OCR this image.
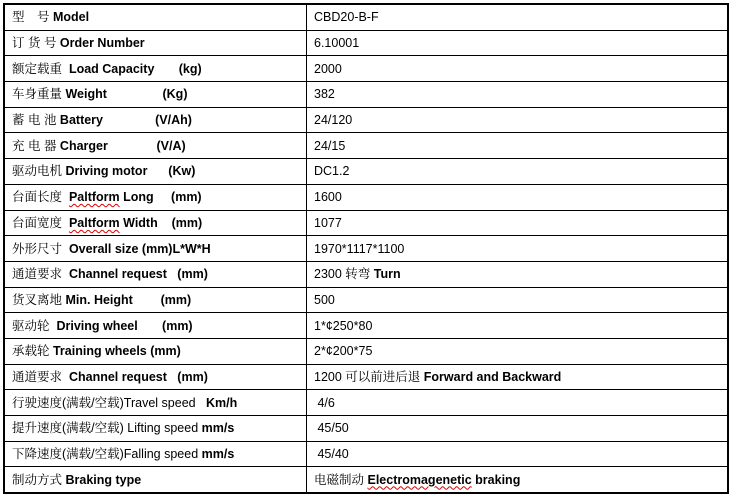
型　号 Model	CBD20-B-F
订 货 号 Order Number	6.10001
额定载重  Load Capacity       (kg)	2000
车身重量 Weight                (Kg)	382
蓄 电 池 Battery               (V/Ah)	24/120
充 电 器 Charger              (V/A)	24/15
驱动电机 Driving motor      (Kw)	DC1.2
台面长度  Paltform Long     (mm)	1600
台面宽度  Paltform Width    (mm)	1077
外形尺寸  Overall size (mm)L*W*H	1970*1117*1100
通道要求  Channel request   (mm)	2300 转弯 Turn
货叉离地 Min. Height        (mm)	500
驱动轮  Driving wheel       (mm)	1*¢250*80
承载轮 Training wheels (mm)	2*¢200*75
通道要求  Channel request   (mm)	1200 可以前进后退 Forward and Backward
行驶速度(满载/空载)Travel speed   Km/h	4/6
提升速度(满载/空载) Lifting speed mm/s	45/50
下降速度(满载/空载)Falling speed mm/s	45/40
制动方式 Braking type	电磁制动 Electromagenetic braking
